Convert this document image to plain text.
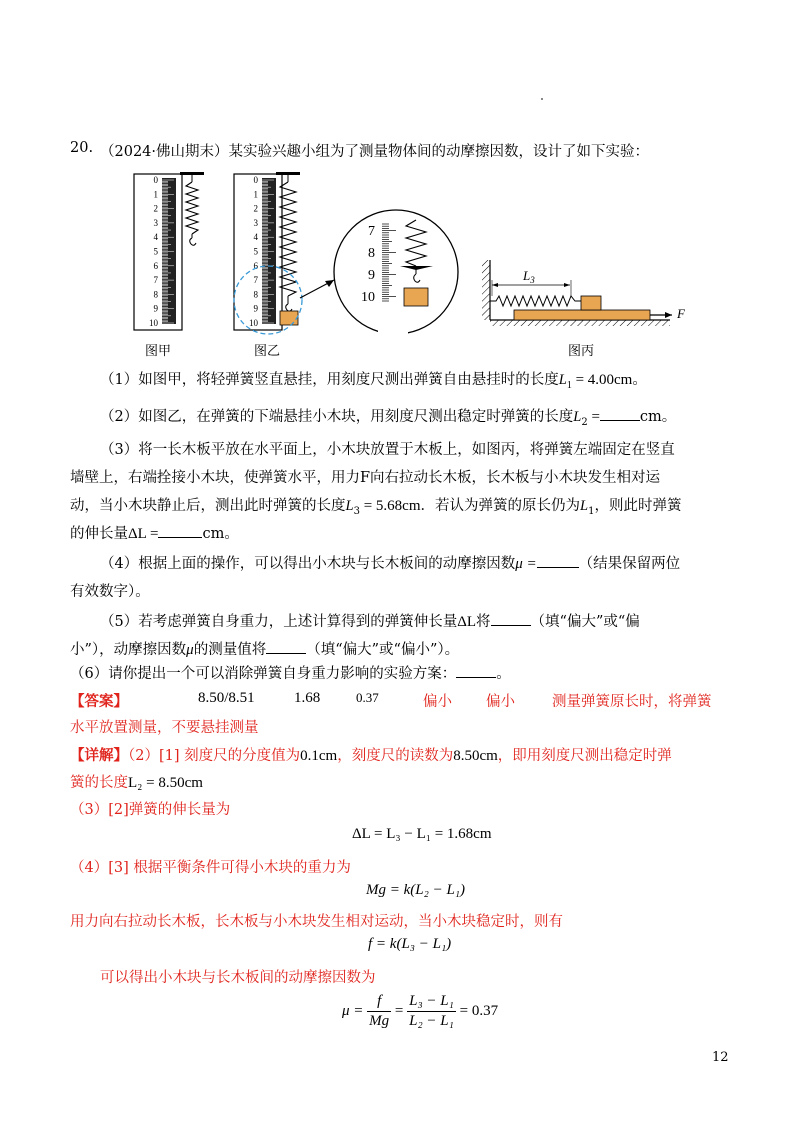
20. （2024·佛山期末）某实验兴趣小组为了测量物体间的动摩擦因数，设计了如下实验：
0
1
2
3
4
5
6
7
8
9
10
0
1
2
3
4
5
6
7
8
9
10
7
8
9
10
$L_3$
F
图甲	图乙	图丙
（1）如图甲，将轻弹簧竖直悬挂，用刻度尺测出弹簧自由悬挂时的长度$L_1 = 4.00cm$。
（2）如图乙，在弹簧的下端悬挂小木块，用刻度尺测出稳定时弹簧的长度$L_2$ =	cm。
（3）将一长木板平放在水平面上，小木块放置于木板上，如图丙，将弹簧左端固定在竖直
墙壁上，右端拴接小木块，使弹簧水平，用力F向右拉动长木板，长木板与小木块发生相对运
动，当小木块静止后，测出此时弹簧的长度$L_3 = 5.68cm$．若认为弹簧的原长仍为$L_1$，则此时弹簧
的伸长量ΔL =	cm。
（4）根据上面的操作，可以得出小木块与长木板间的动摩擦因数μ =	（结果保留两位
有效数字）。
（5）若考虑弹簧自身重力，上述计算得到的弹簧伸长量ΔL将	（填“偏大”或“偏
小”），动摩擦因数μ的测量值将	（填“偏大”或“偏小”）。
（6）请你提出一个可以消除弹簧自身重力影响的实验方案：	。
【答案】	8.50/8.51	1.68	0.37	偏小 偏小	测量弹簧原长时，将弹簧
水平放置测量，不要悬挂测量
【详解】（2）[1] 刻度尺的分度值为0.1cm，刻度尺的读数为8.50cm，即用刻度尺测出稳定时弹
簧的长度L₂ = 8.50cm
（3）[2]弹簧的伸长量为
ΔL = L₃ − L₁ = 1.68cm
（4）[3] 根据平衡条件可得小木块的重力为
Mg = k(L₂ − L₁)
用力向右拉动长木板，长木板与小木块发生相对运动，当小木块稳定时，则有
f = k(L₃ − L₁)
可以得出小木块与长木板间的动摩擦因数为
$\mu = \frac{f}{Mg} = \frac{\text{L₃ − L₁}}{\text{L₂ − L₁}} = 0.37$
12
